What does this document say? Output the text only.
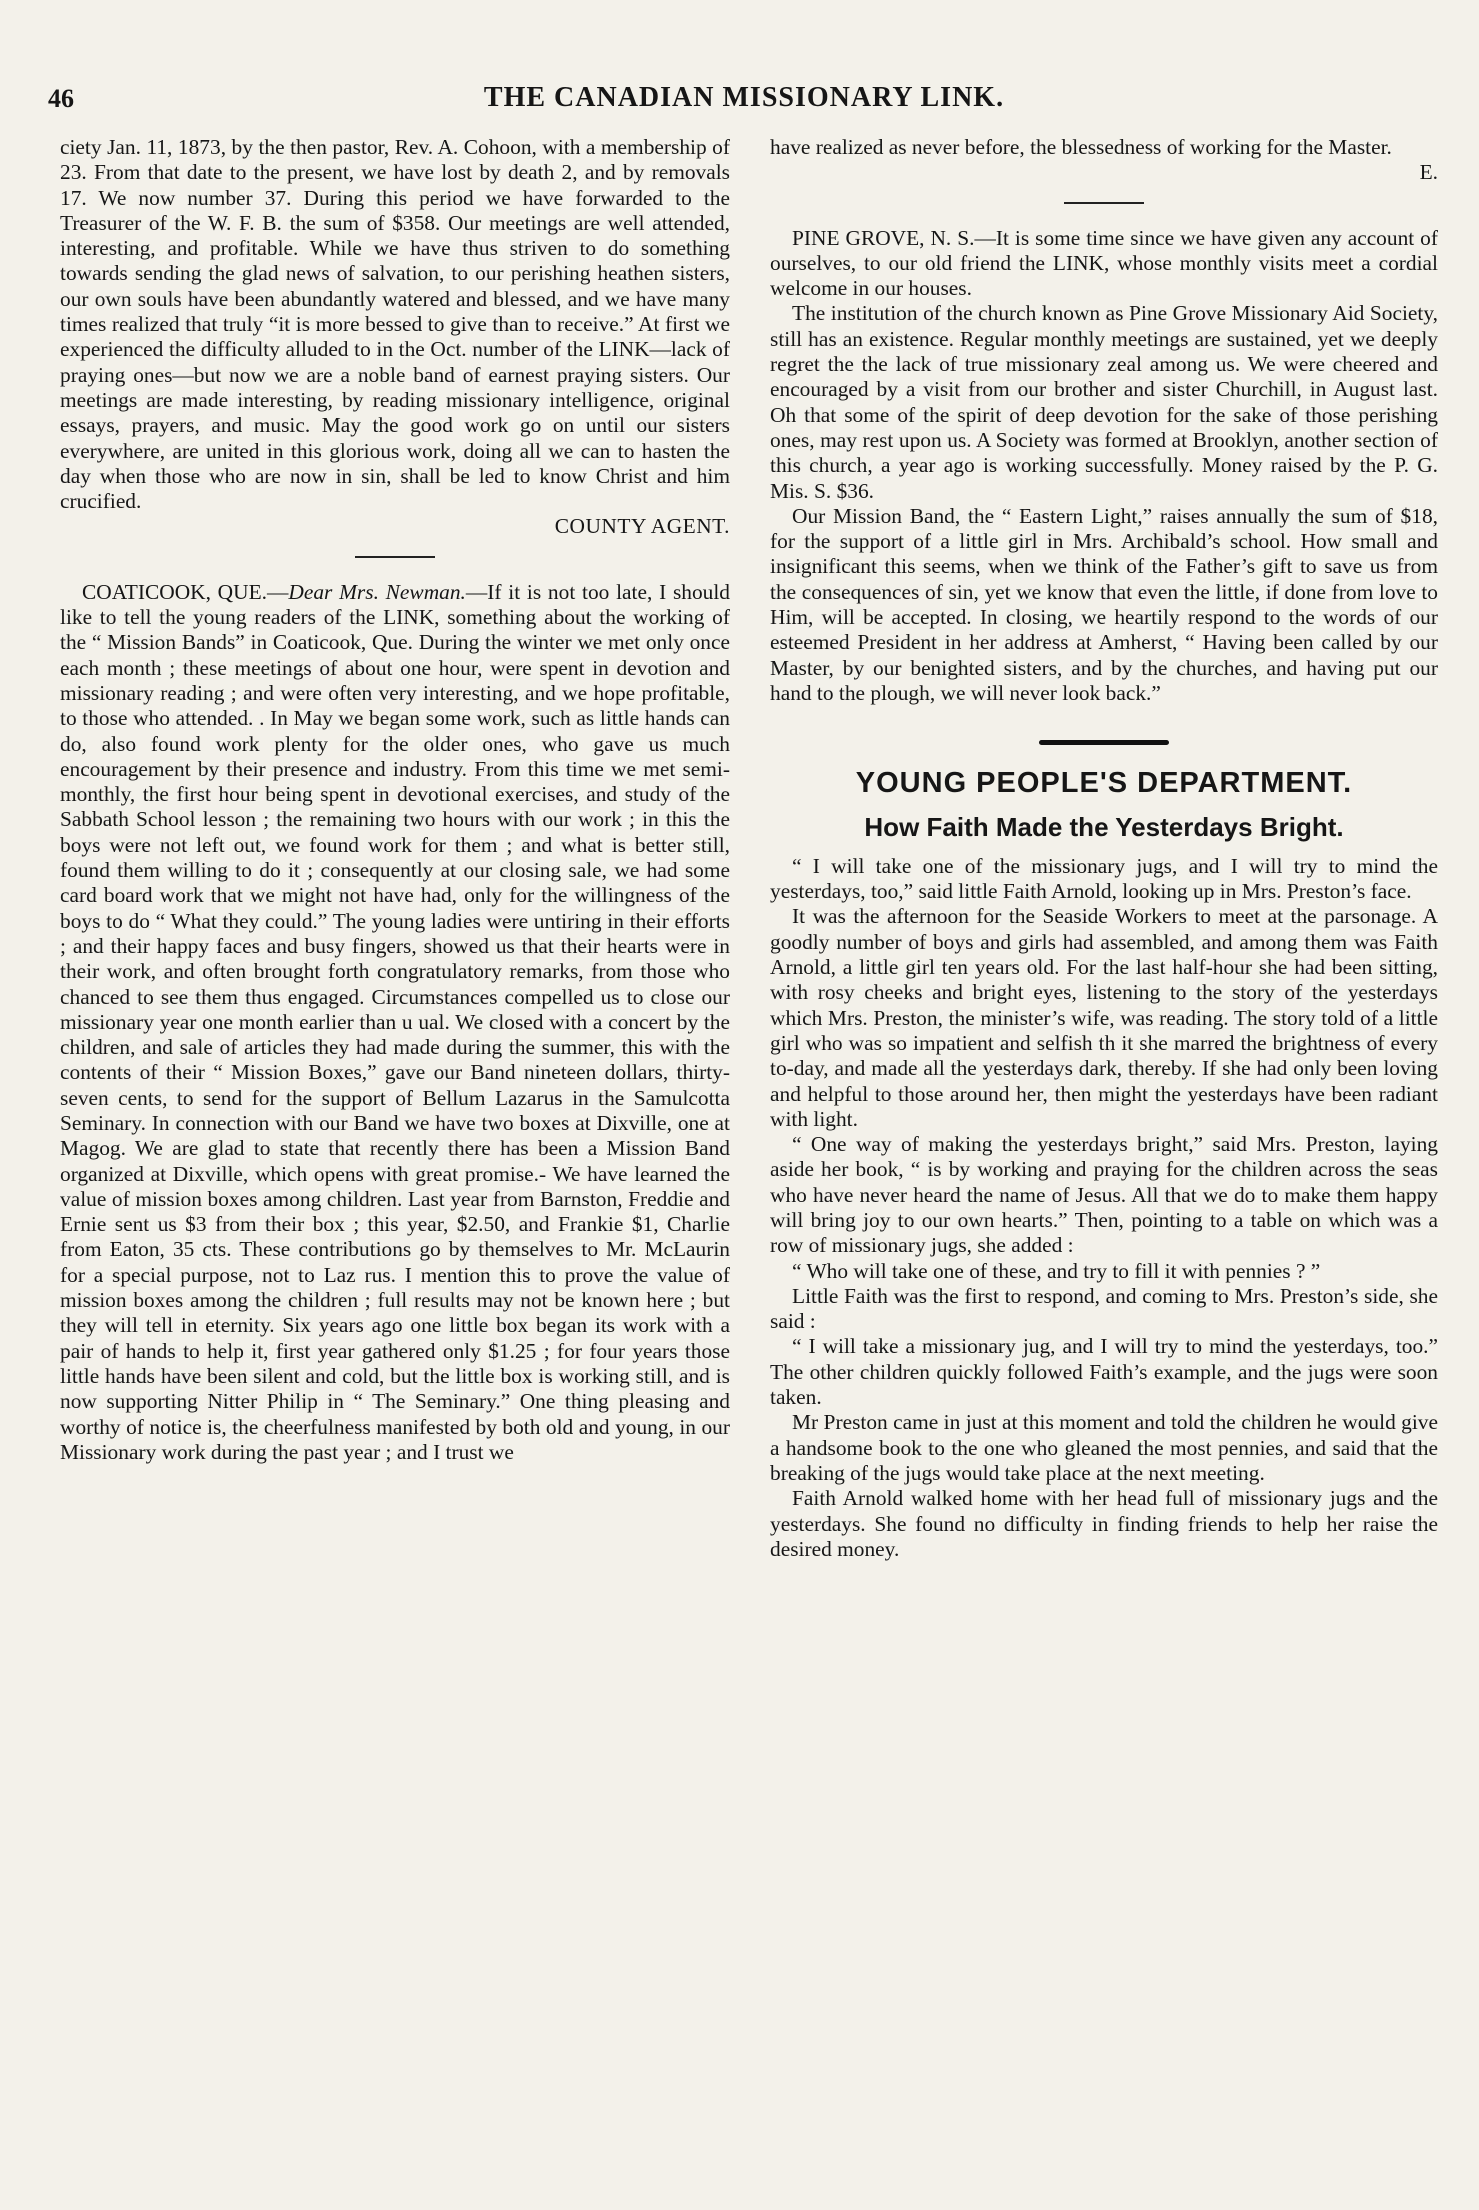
46	THE CANADIAN MISSIONARY LINK.

ciety Jan. 11, 1873, by the then pastor, Rev. A. Cohoon, with a membership of 23. From that date to the present, we have lost by death 2, and by removals 17. We now number 37. During this period we have forwarded to the Treasurer of the W. F. B. the sum of $358. Our meetings are well attended, interesting, and profitable. While we have thus striven to do something towards sending the glad news of salvation, to our perishing heathen sisters, our own souls have been abundantly watered and blessed, and we have many times realized that truly “it is more bessed to give than to receive.” At first we experienced the difficulty alluded to in the Oct. number of the LINK—lack of praying ones—but now we are a noble band of earnest praying sisters. Our meetings are made interesting, by reading missionary intelligence, original essays, prayers, and music. May the good work go on until our sisters everywhere, are united in this glorious work, doing all we can to hasten the day when those who are now in sin, shall be led to know Christ and him crucified.

COUNTY AGENT.

COATICOOK, QUE.—Dear Mrs. Newman.—If it is not too late, I should like to tell the young readers of the LINK, something about the working of the “ Mission Bands” in Coaticook, Que. During the winter we met only once each month ; these meetings of about one hour, were spent in devotion and missionary reading ; and were often very interesting, and we hope profitable, to those who attended. . In May we began some work, such as little hands can do, also found work plenty for the older ones, who gave us much encouragement by their presence and industry. From this time we met semi-monthly, the first hour being spent in devotional exercises, and study of the Sabbath School lesson ; the remaining two hours with our work ; in this the boys were not left out, we found work for them ; and what is better still, found them willing to do it ; consequently at our closing sale, we had some card board work that we might not have had, only for the willingness of the boys to do “ What they could.” The young ladies were untiring in their efforts ; and their happy faces and busy fingers, showed us that their hearts were in their work, and often brought forth congratulatory remarks, from those who chanced to see them thus engaged. Circumstances compelled us to close our missionary year one month earlier than u ual. We closed with a concert by the children, and sale of articles they had made during the summer, this with the contents of their “ Mission Boxes,” gave our Band nineteen dollars, thirty-seven cents, to send for the support of Bellum Lazarus in the Samulcotta Seminary. In connection with our Band we have two boxes at Dixville, one at Magog. We are glad to state that recently there has been a Mission Band organized at Dixville, which opens with great promise.- We have learned the value of mission boxes among children. Last year from Barnston, Freddie and Ernie sent us $3 from their box ; this year, $2.50, and Frankie $1, Charlie from Eaton, 35 cts. These contributions go by themselves to Mr. McLaurin for a special purpose, not to Laz rus. I mention this to prove the value of mission boxes among the children ; full results may not be known here ; but they will tell in eternity. Six years ago one little box began its work with a pair of hands to help it, first year gathered only $1.25 ; for four years those little hands have been silent and cold, but the little box is working still, and is now supporting Nitter Philip in “ The Seminary.” One thing pleasing and worthy of notice is, the cheerfulness manifested by both old and young, in our Missionary work during the past year ; and I trust we

have realized as never before, the blessedness of working for the Master.

E.

PINE GROVE, N. S.—It is some time since we have given any account of ourselves, to our old friend the LINK, whose monthly visits meet a cordial welcome in our houses.

The institution of the church known as Pine Grove Missionary Aid Society, still has an existence. Regular monthly meetings are sustained, yet we deeply regret the the lack of true missionary zeal among us. We were cheered and encouraged by a visit from our brother and sister Churchill, in August last. Oh that some of the spirit of deep devotion for the sake of those perishing ones, may rest upon us. A Society was formed at Brooklyn, another section of this church, a year ago is working successfully. Money raised by the P. G. Mis. S. $36.

Our Mission Band, the “ Eastern Light,” raises annually the sum of $18, for the support of a little girl in Mrs. Archibald’s school. How small and insignificant this seems, when we think of the Father’s gift to save us from the consequences of sin, yet we know that even the little, if done from love to Him, will be accepted. In closing, we heartily respond to the words of our esteemed President in her address at Amherst, “ Having been called by our Master, by our benighted sisters, and by the churches, and having put our hand to the plough, we will never look back.”

YOUNG PEOPLE'S DEPARTMENT.
How Faith Made the Yesterdays Bright.

“ I will take one of the missionary jugs, and I will try to mind the yesterdays, too,” said little Faith Arnold, looking up in Mrs. Preston’s face.

It was the afternoon for the Seaside Workers to meet at the parsonage. A goodly number of boys and girls had assembled, and among them was Faith Arnold, a little girl ten years old. For the last half-hour she had been sitting, with rosy cheeks and bright eyes, listening to the story of the yesterdays which Mrs. Preston, the minister’s wife, was reading. The story told of a little girl who was so impatient and selfish th it she marred the brightness of every to-day, and made all the yesterdays dark, thereby. If she had only been loving and helpful to those around her, then might the yesterdays have been radiant with light.

“ One way of making the yesterdays bright,” said Mrs. Preston, laying aside her book, “ is by working and praying for the children across the seas who have never heard the name of Jesus. All that we do to make them happy will bring joy to our own hearts.” Then, pointing to a table on which was a row of missionary jugs, she added :

“ Who will take one of these, and try to fill it with pennies ? ”

Little Faith was the first to respond, and coming to Mrs. Preston’s side, she said :

“ I will take a missionary jug, and I will try to mind the yesterdays, too.” The other children quickly followed Faith’s example, and the jugs were soon taken.

Mr Preston came in just at this moment and told the children he would give a handsome book to the one who gleaned the most pennies, and said that the breaking of the jugs would take place at the next meeting.

Faith Arnold walked home with her head full of missionary jugs and the yesterdays. She found no difficulty in finding friends to help her raise the desired money.
